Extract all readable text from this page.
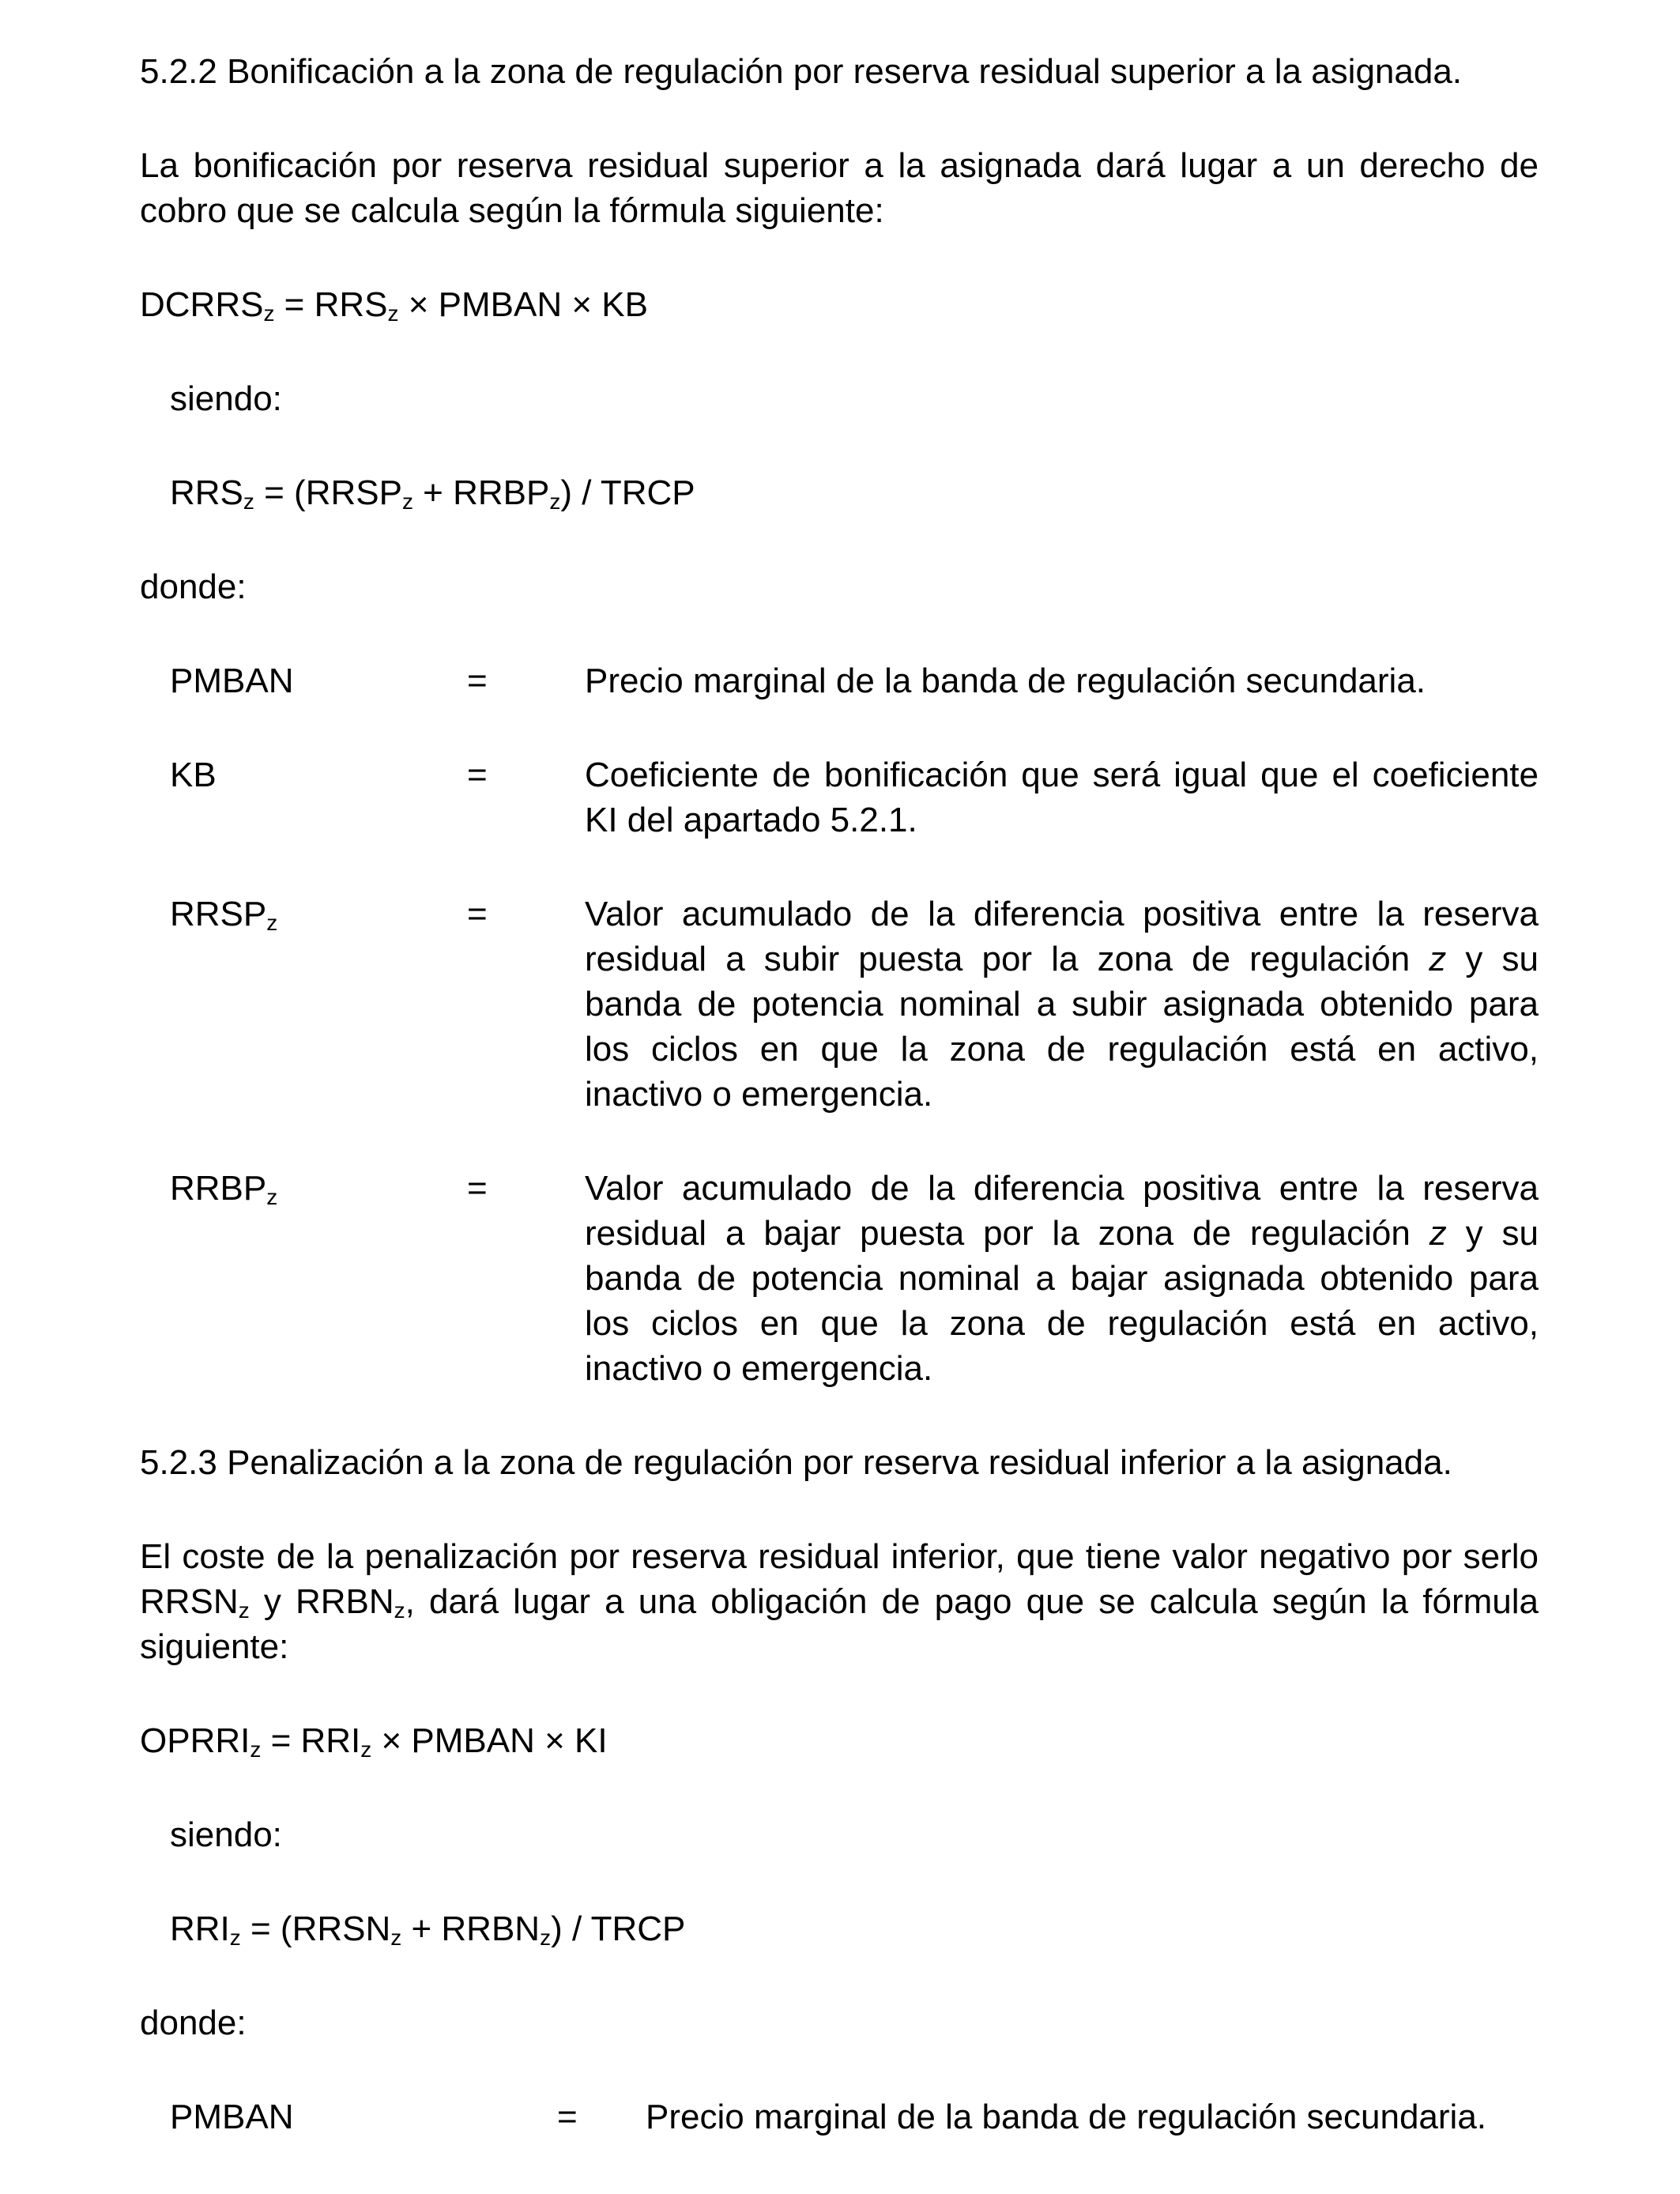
5.2.2 Bonificación a la zona de regulación por reserva residual superior a la asignada.

La bonificación por reserva residual superior a la asignada dará lugar a un derecho de cobro que se calcula según la fórmula siguiente:

$DCRRS_z = RRS_z$ × PMBAN × KB

siendo:

$RRS_z$ = ($RRSP_z$ + $RRBP_z$) / TRCP

donde:

PMBAN	=	Precio marginal de la banda de regulación secundaria.
KB	=	Coeficiente de bonificación que será igual que el coeficiente KI del apartado 5.2.1.
$RRSP_z$	=	Valor acumulado de la diferencia positiva entre la reserva residual a subir puesta por la zona de regulación z y su banda de potencia nominal a subir asignada obtenido para los ciclos en que la zona de regulación está en activo, inactivo o emergencia.
$RRBP_z$	=	Valor acumulado de la diferencia positiva entre la reserva residual a bajar puesta por la zona de regulación z y su banda de potencia nominal a bajar asignada obtenido para los ciclos en que la zona de regulación está en activo, inactivo o emergencia.

5.2.3 Penalización a la zona de regulación por reserva residual inferior a la asignada.

El coste de la penalización por reserva residual inferior, que tiene valor negativo por serlo $RRSN_z$ y $RRBN_z$, dará lugar a una obligación de pago que se calcula según la fórmula siguiente:

$OPRRI_z = RRI_z$ × PMBAN × KI

siendo:

$RRI_z$ = ($RRSN_z$ + $RRBN_z$) / TRCP

donde:

PMBAN	= Precio marginal de la banda de regulación secundaria.
